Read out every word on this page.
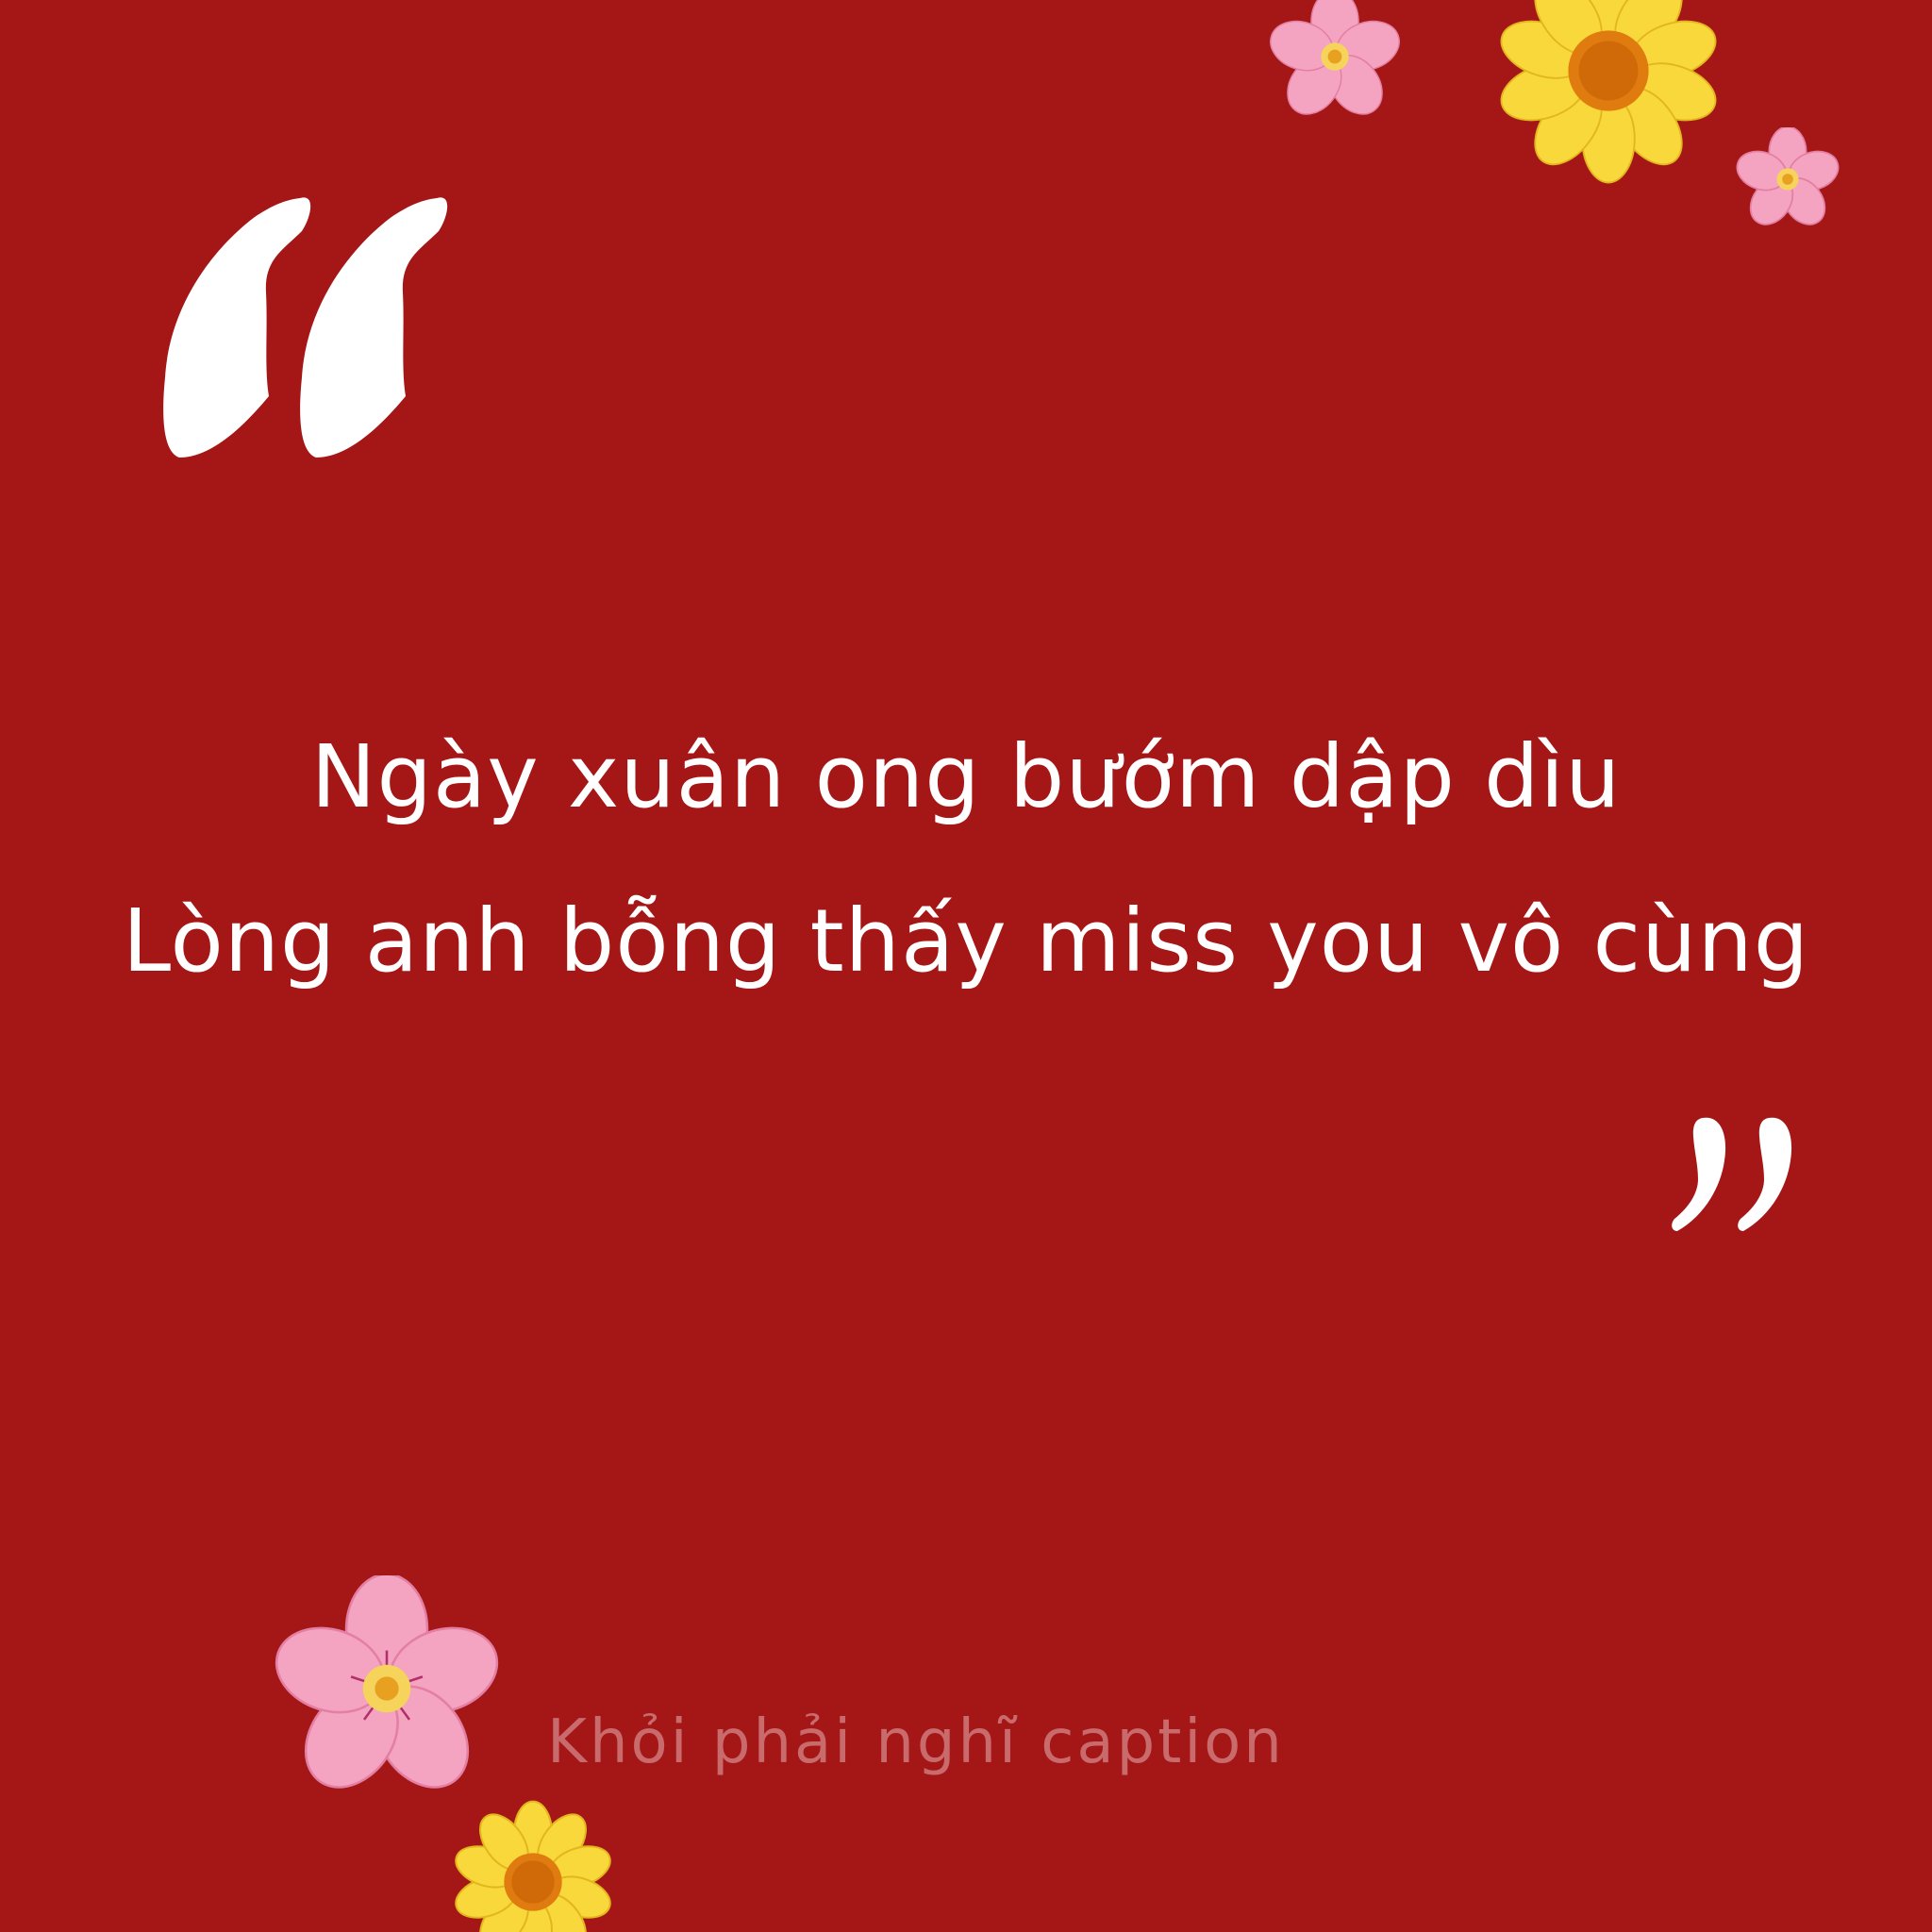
Ngày xuân ong bướm dập dìu
Lòng anh bỗng thấy miss you vô cùng
Khỏi phải nghĩ caption
